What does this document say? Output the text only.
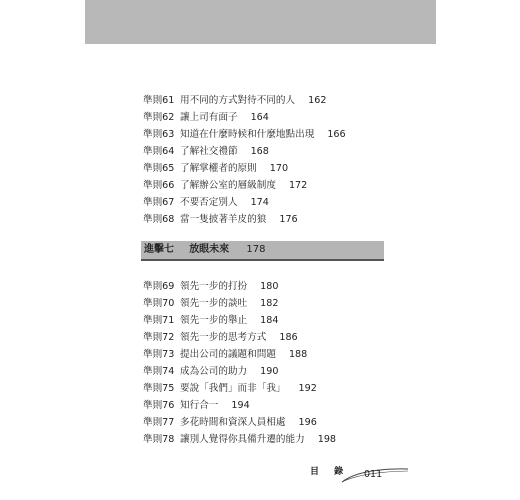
準則61 用不同的方式對待不同的人 162
準則62 讓上司有面子 164
準則63 知道在什麼時候和什麼地點出現 166
準則64 了解社交禮節 168
準則65 了解掌權者的原則 170
準則66 了解辦公室的層級制度 172
準則67 不要否定別人 174
準則68 當一隻披著羊皮的狼 176
進擊七 放眼未來 178
準則69 領先一步的打扮 180
準則70 領先一步的談吐 182
準則71 領先一步的舉止 184
準則72 領先一步的思考方式 186
準則73 提出公司的議題和問題 188
準則74 成為公司的助力 190
準則75 要說「我們」而非「我」 192
準則76 知行合一 194
準則77 多花時間和資深人員相處 196
準則78 讓別人覺得你具備升遷的能力 198
目 錄 011
